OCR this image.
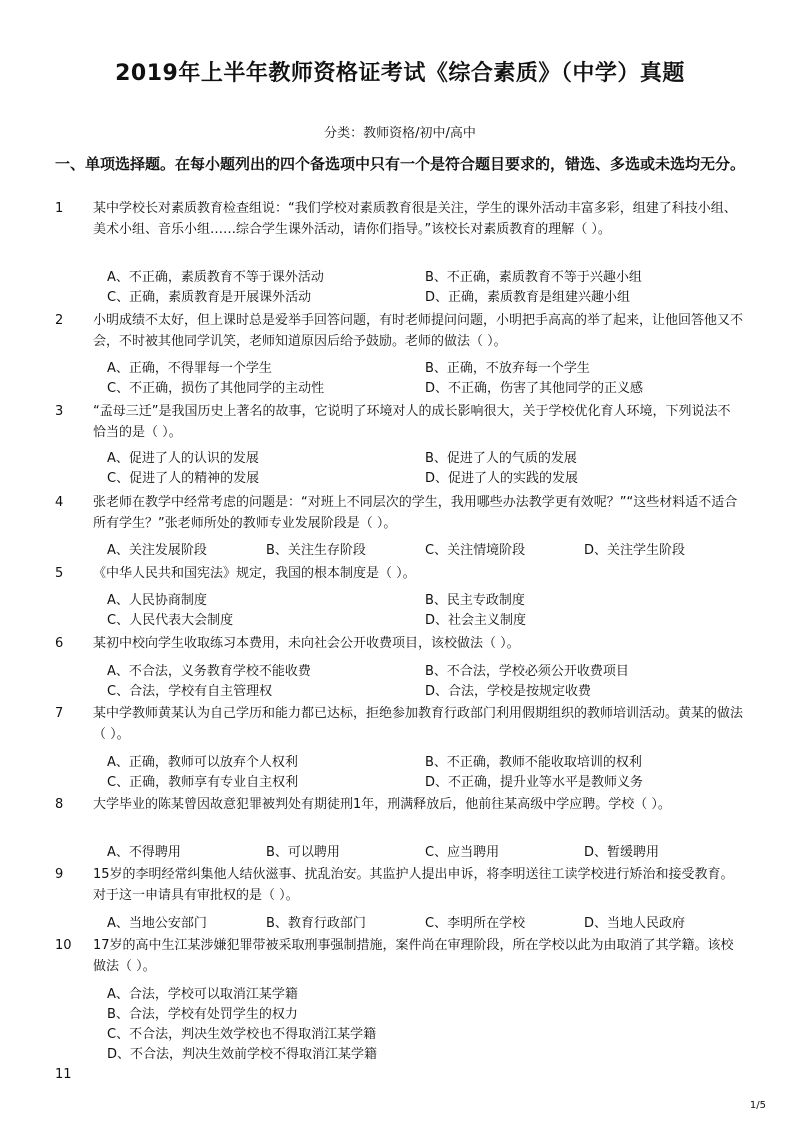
2019年上半年教师资格证考试《综合素质》（中学）真题
分类：教师资格/初中/高中
一、单项选择题。在每小题列出的四个备选项中只有一个是符合题目要求的，错选、多选或未选均无分。
1 某中学校长对素质教育检查组说：“我们学校对素质教育很是关注，学生的课外活动丰富多彩，组建了科技小组、美术小组、音乐小组……综合学生课外活动，请你们指导。”该校长对素质教育的理解（ ）。
A、不正确，素质教育不等于课外活动	B、不正确，素质教育不等于兴趣小组
C、正确，素质教育是开展课外活动	D、正确，素质教育是组建兴趣小组
2 小明成绩不太好，但上课时总是爱举手回答问题，有时老师提问问题，小明把手高高的举了起来，让他回答他又不会，不时被其他同学讥笑，老师知道原因后给予鼓励。老师的做法（ ）。
A、正确，不得罪每一个学生	B、正确，不放弃每一个学生
C、不正确，损伤了其他同学的主动性	D、不正确，伤害了其他同学的正义感
3 “孟母三迁”是我国历史上著名的故事，它说明了环境对人的成长影响很大，关于学校优化育人环境，下列说法不恰当的是（ ）。
A、促进了人的认识的发展	B、促进了人的气质的发展
C、促进了人的精神的发展	D、促进了人的实践的发展
4 张老师在教学中经常考虑的问题是：“对班上不同层次的学生，我用哪些办法教学更有效呢？”“这些材料适不适合所有学生？”张老师所处的教师专业发展阶段是（ ）。
A、关注发展阶段	B、关注生存阶段	C、关注情境阶段	D、关注学生阶段
5 《中华人民共和国宪法》规定，我国的根本制度是（ ）。
A、人民协商制度	B、民主专政制度
C、人民代表大会制度	D、社会主义制度
6 某初中校向学生收取练习本费用，未向社会公开收费项目，该校做法（ ）。
A、不合法，义务教育学校不能收费	B、不合法，学校必须公开收费项目
C、合法，学校有自主管理权	D、合法，学校是按规定收费
7 某中学教师黄某认为自己学历和能力都已达标，拒绝参加教育行政部门利用假期组织的教师培训活动。黄某的做法（ ）。
A、正确，教师可以放弃个人权利	B、不正确，教师不能收取培训的权利
C、正确，教师享有专业自主权利	D、不正确，提升业等水平是教师义务
8 大学毕业的陈某曾因故意犯罪被判处有期徒刑1年，刑满释放后，他前往某高级中学应聘。学校（ ）。
A、不得聘用	B、可以聘用	C、应当聘用	D、暂缓聘用
9 15岁的李明经常纠集他人结伙滋事、扰乱治安。其监护人提出申诉，将李明送往工读学校进行矫治和接受教育。对于这一申请具有审批权的是（ ）。
A、当地公安部门	B、教育行政部门	C、李明所在学校	D、当地人民政府
10 17岁的高中生江某涉嫌犯罪带被采取刑事强制措施，案件尚在审理阶段，所在学校以此为由取消了其学籍。该校做法（ ）。
A、合法，学校可以取消江某学籍
B、合法，学校有处罚学生的权力
C、不合法，判决生效学校也不得取消江某学籍
D、不合法，判决生效前学校不得取消江某学籍
11
1/5
